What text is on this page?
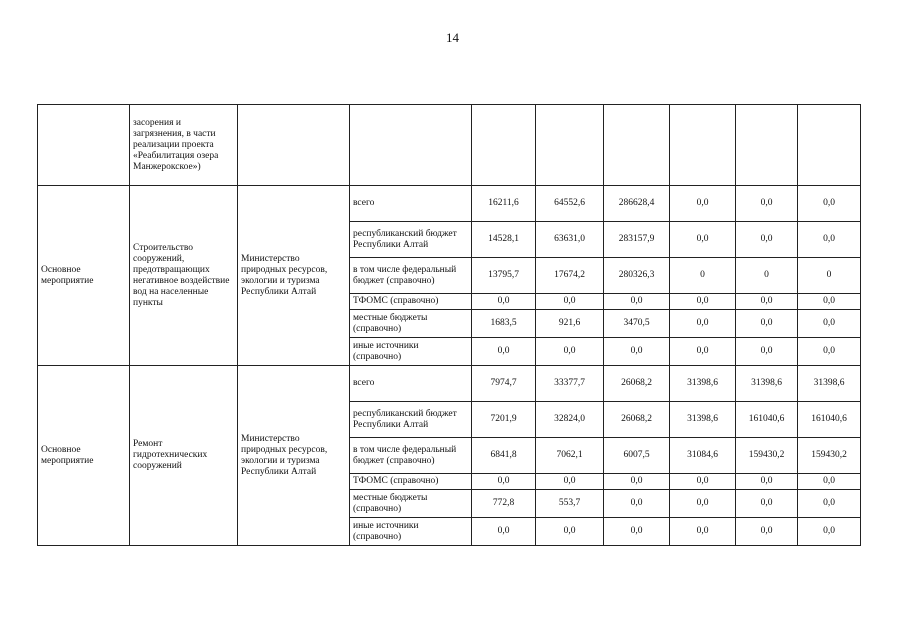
14
	засорения и загрязнения, в части реализации проекта «Реабилитация озера Манжерокское»)								
Основное мероприятие	Строительство сооружений, предотвращающих негативное воздействие вод на населенные пункты	Министерство природных ресурсов, экологии и туризма Республики Алтай	всего	16211,6	64552,6	286628,4	0,0	0,0	0,0
			республиканский бюджет Республики Алтай	14528,1	63631,0	283157,9	0,0	0,0	0,0
			в том числе федеральный бюджет (справочно)	13795,7	17674,2	280326,3	0	0	0
			ТФОМС (справочно)	0,0	0,0	0,0	0,0	0,0	0,0
			местные бюджеты (справочно)	1683,5	921,6	3470,5	0,0	0,0	0,0
			иные источники (справочно)	0,0	0,0	0,0	0,0	0,0	0,0
Основное мероприятие	Ремонт гидротехнических сооружений	Министерство природных ресурсов, экологии и туризма Республики Алтай	всего	7974,7	33377,7	26068,2	31398,6	31398,6	31398,6
			республиканский бюджет Республики Алтай	7201,9	32824,0	26068,2	31398,6	161040,6	161040,6
			в том числе федеральный бюджет (справочно)	6841,8	7062,1	6007,5	31084,6	159430,2	159430,2
			ТФОМС (справочно)	0,0	0,0	0,0	0,0	0,0	0,0
			местные бюджеты (справочно)	772,8	553,7	0,0	0,0	0,0	0,0
			иные источники (справочно)	0,0	0,0	0,0	0,0	0,0	0,0
